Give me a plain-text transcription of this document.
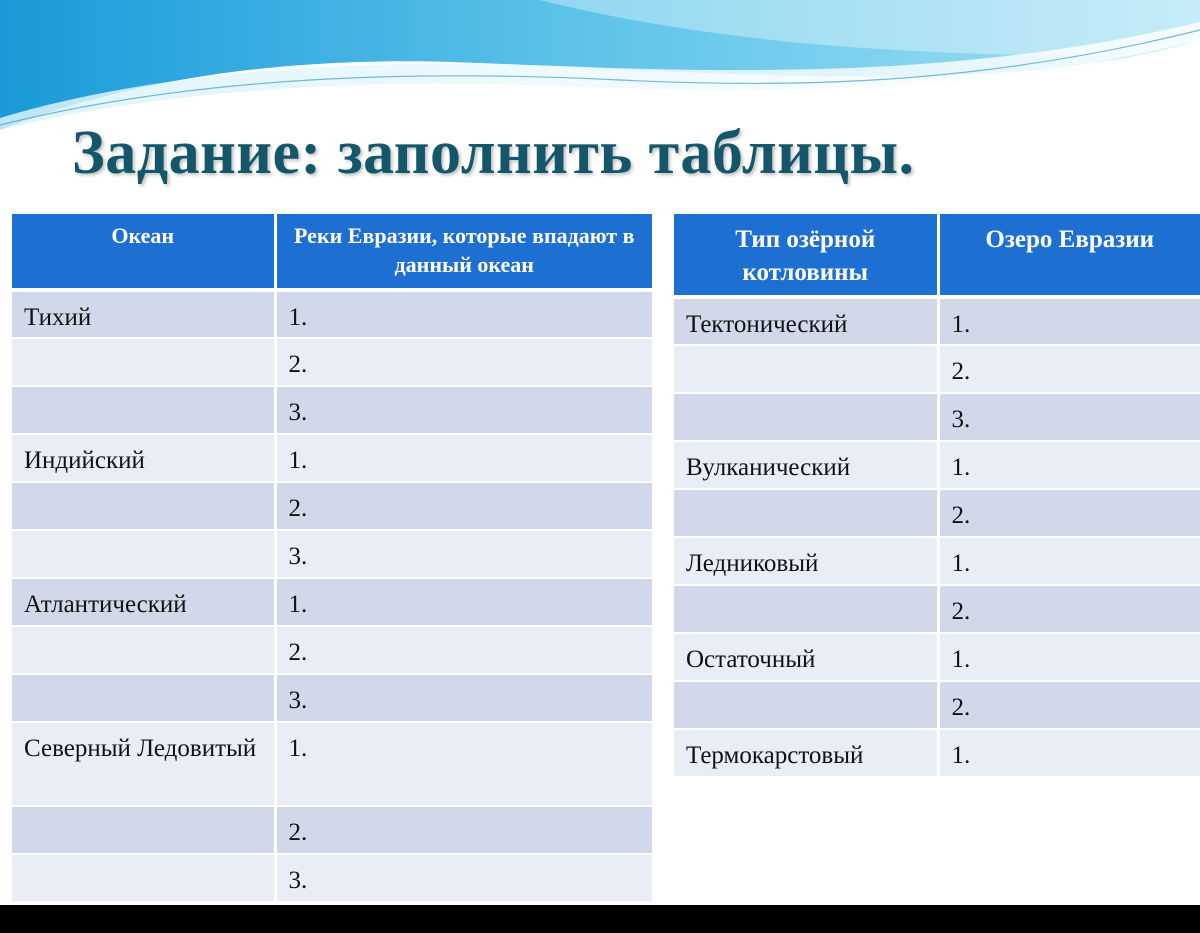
Задание: заполнить таблицы.
Океан	Реки Евразии, которые впадают в данный океан
Тихий	1.
	2.
	3.
Индийский	1.
	2.
	3.
Атлантический	1.
	2.
	3.
Северный Ледовитый	1.
	2.
	3.
Тип озёрной котловины	Озеро Евразии
Тектонический	1.
	2.
	3.
Вулканический	1.
	2.
Ледниковый	1.
	2.
Остаточный	1.
	2.
Термокарстовый	1.
